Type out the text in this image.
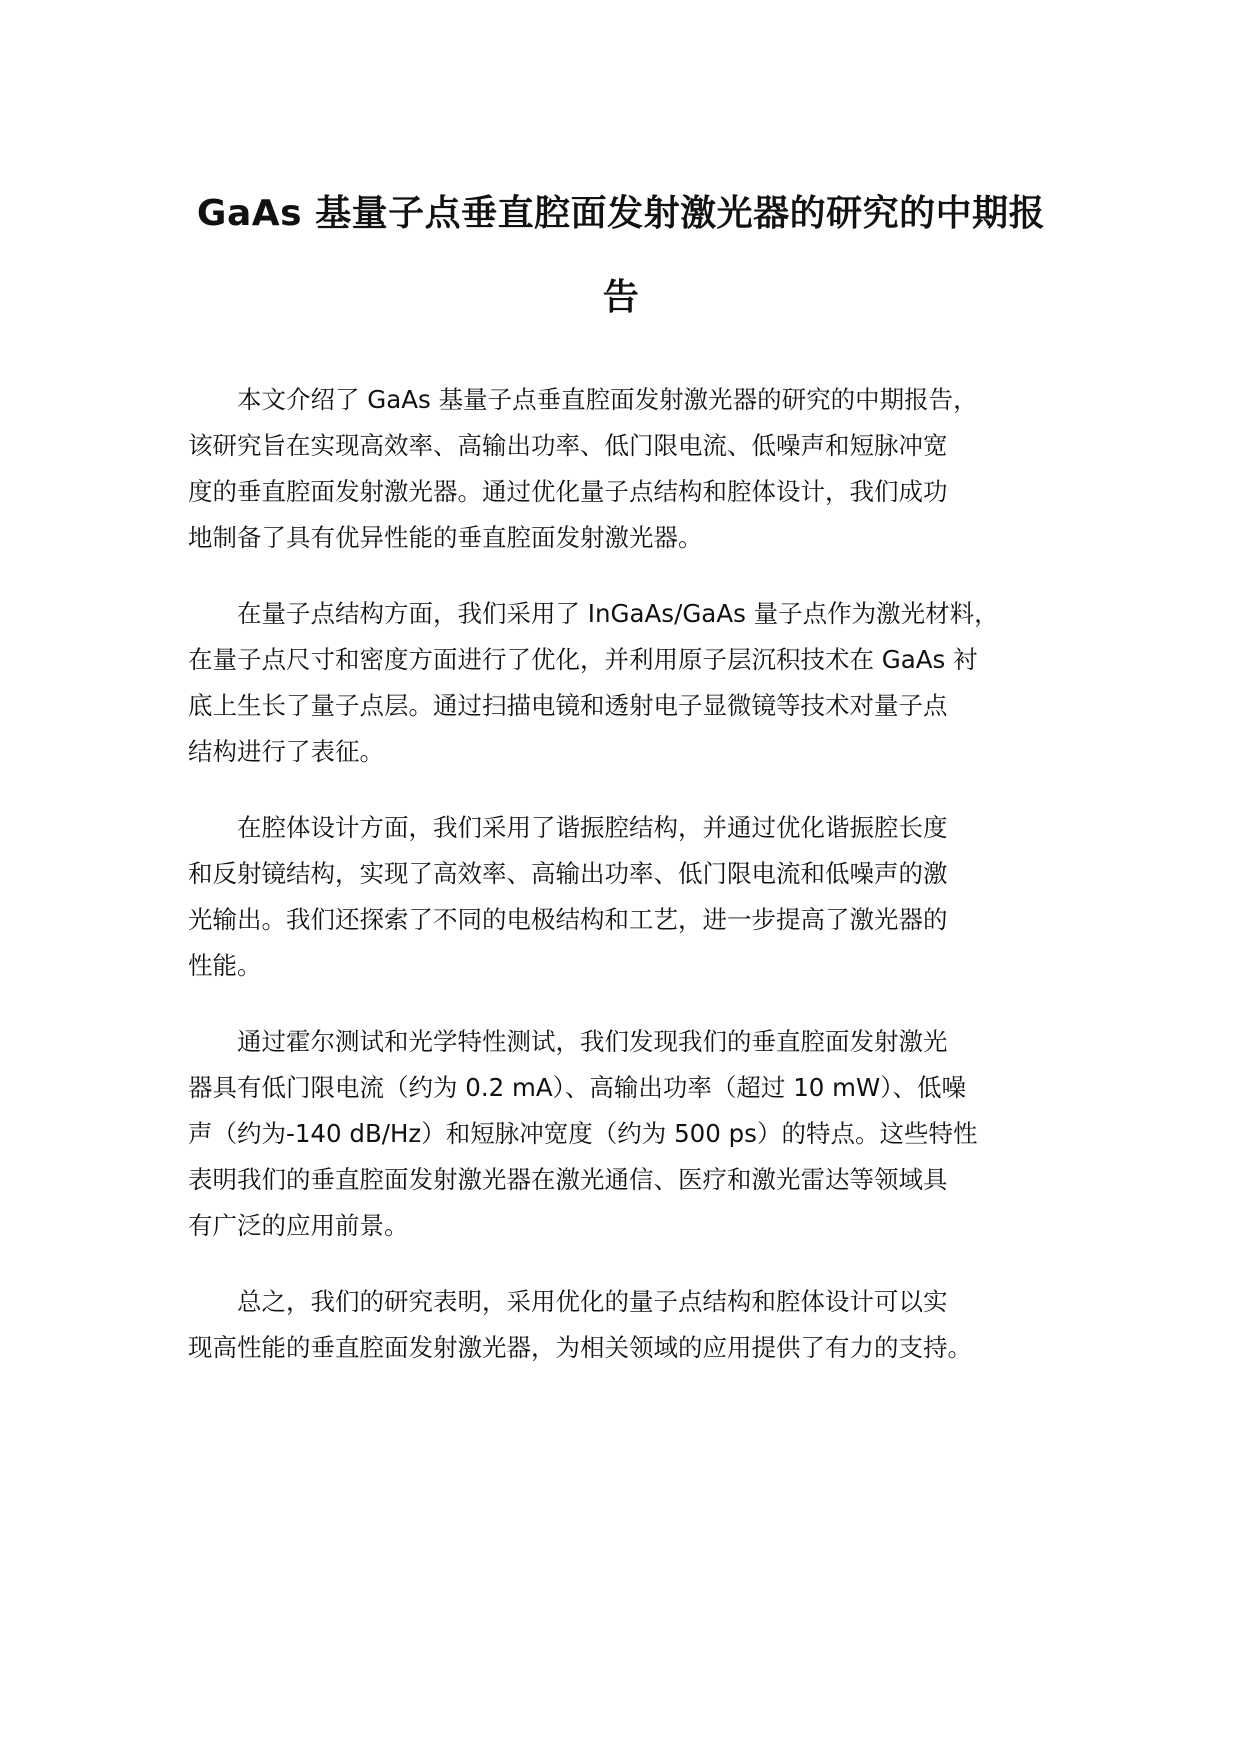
GaAs 基量子点垂直腔面发射激光器的研究的中期报
告

本文介绍了 GaAs 基量子点垂直腔面发射激光器的研究的中期报告，
该研究旨在实现高效率、高输出功率、低门限电流、低噪声和短脉冲宽
度的垂直腔面发射激光器。通过优化量子点结构和腔体设计，我们成功
地制备了具有优异性能的垂直腔面发射激光器。

在量子点结构方面，我们采用了 InGaAs/GaAs 量子点作为激光材料，
在量子点尺寸和密度方面进行了优化，并利用原子层沉积技术在 GaAs 衬
底上生长了量子点层。通过扫描电镜和透射电子显微镜等技术对量子点
结构进行了表征。

在腔体设计方面，我们采用了谐振腔结构，并通过优化谐振腔长度
和反射镜结构，实现了高效率、高输出功率、低门限电流和低噪声的激
光输出。我们还探索了不同的电极结构和工艺，进一步提高了激光器的
性能。

通过霍尔测试和光学特性测试，我们发现我们的垂直腔面发射激光
器具有低门限电流（约为 0.2 mA）、高输出功率（超过 10 mW）、低噪
声（约为-140 dB/Hz）和短脉冲宽度（约为 500 ps）的特点。这些特性
表明我们的垂直腔面发射激光器在激光通信、医疗和激光雷达等领域具
有广泛的应用前景。

总之，我们的研究表明，采用优化的量子点结构和腔体设计可以实
现高性能的垂直腔面发射激光器，为相关领域的应用提供了有力的支持。
